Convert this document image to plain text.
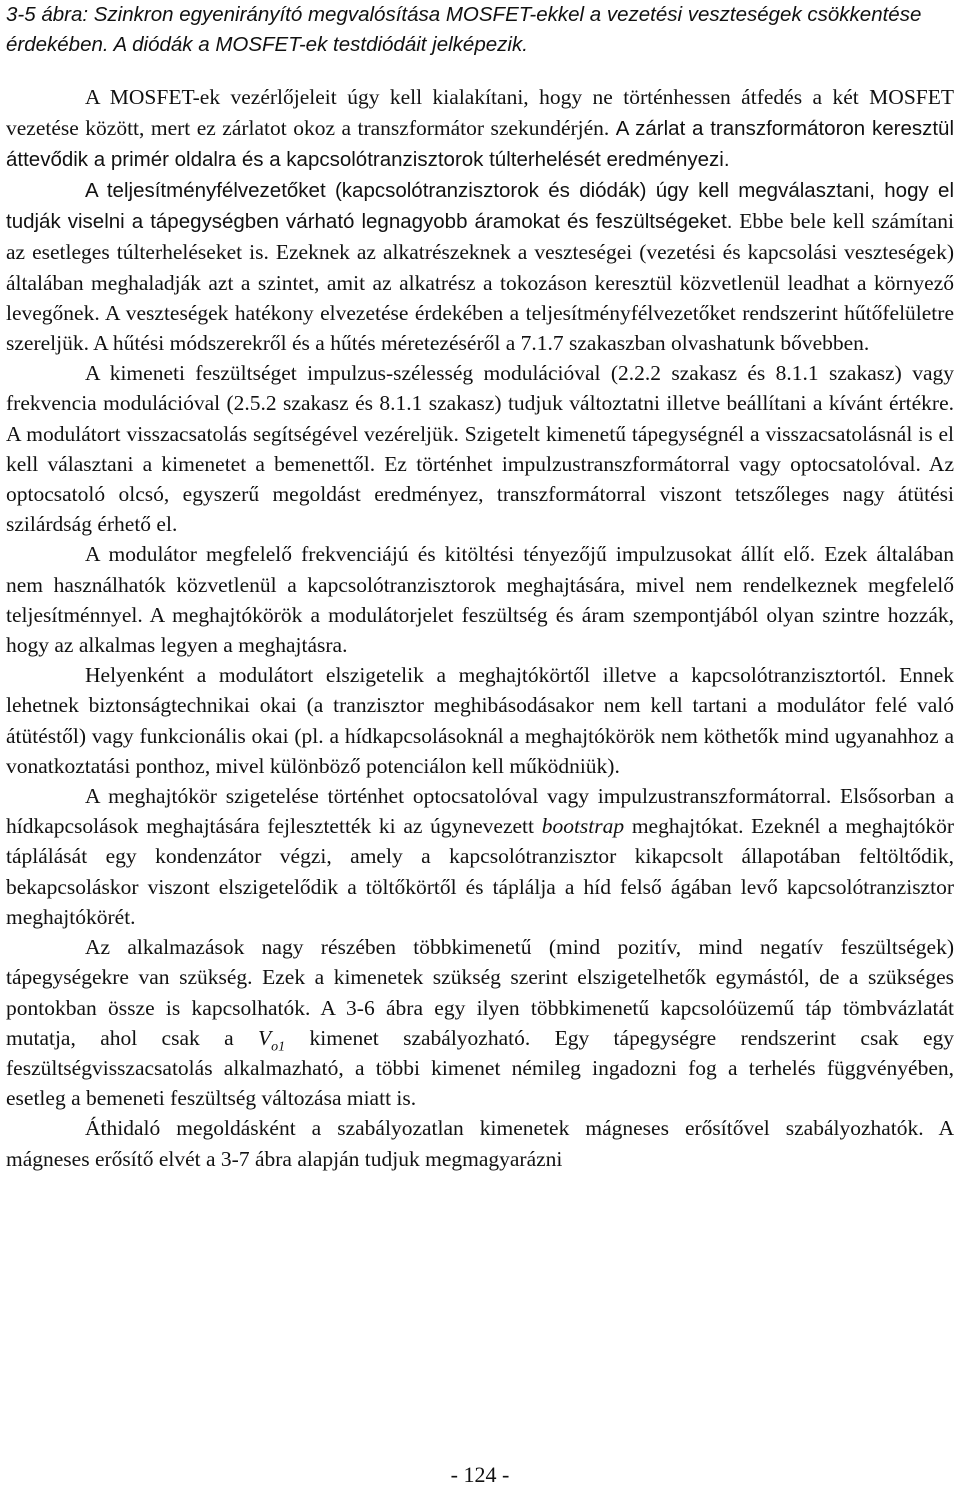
3-5 ábra: Szinkron egyenirányító megvalósítása MOSFET-ekkel a vezetési veszteségek csökkentése érdekében. A diódák a MOSFET-ek testdiódáit jelképezik.

A MOSFET-ek vezérlőjeleit úgy kell kialakítani, hogy ne történhessen átfedés a két MOSFET vezetése között, mert ez zárlatot okoz a transzformátor szekundérjén. A zárlat a transzformátoron keresztül áttevődik a primér oldalra és a kapcsolótranzisztorok túlterhelését eredményezi.

A teljesítményfélvezetőket (kapcsolótranzisztorok és diódák) úgy kell megválasztani, hogy el tudják viselni a tápegységben várható legnagyobb áramokat és feszültségeket. Ebbe bele kell számítani az esetleges túlterheléseket is. Ezeknek az alkatrészeknek a veszteségei (vezetési és kapcsolási veszteségek) általában meghaladják azt a szintet, amit az alkatrész a tokozáson keresztül közvetlenül leadhat a környező levegőnek. A veszteségek hatékony elvezetése érdekében a teljesítményfélvezetőket rendszerint hűtőfelületre szereljük. A hűtési módszerekről és a hűtés méretezéséről a 7.1.7 szakaszban olvashatunk bővebben.

A kimeneti feszültséget impulzus-szélesség modulációval (2.2.2 szakasz és 8.1.1 szakasz) vagy frekvencia modulációval (2.5.2 szakasz és 8.1.1 szakasz) tudjuk változtatni illetve beállítani a kívánt értékre. A modulátort visszacsatolás segítségével vezéreljük. Szigetelt kimenetű tápegységnél a visszacsatolásnál is el kell választani a kimenetet a bemenettől. Ez történhet impulzustranszformátorral vagy optocsatolóval. Az optocsatoló olcsó, egyszerű megoldást eredményez, transzformátorral viszont tetszőleges nagy átütési szilárdság érhető el.

A modulátor megfelelő frekvenciájú és kitöltési tényezőjű impulzusokat állít elő. Ezek általában nem használhatók közvetlenül a kapcsolótranzisztorok meghajtására, mivel nem rendelkeznek megfelelő teljesítménnyel. A meghajtókörök a modulátorjelet feszültség és áram szempontjából olyan szintre hozzák, hogy az alkalmas legyen a meghajtásra.

Helyenként a modulátort elszigetelik a meghajtókörtől illetve a kapcsolótranzisztortól. Ennek lehetnek biztonságtechnikai okai (a tranzisztor meghibásodásakor nem kell tartani a modulátor felé való átütéstől) vagy funkcionális okai (pl. a hídkapcsolásoknál a meghajtókörök nem köthetők mind ugyanahhoz a vonatkoztatási ponthoz, mivel különböző potenciálon kell működniük).

A meghajtókör szigetelése történhet optocsatolóval vagy impulzustranszformátorral. Elsősorban a hídkapcsolások meghajtására fejlesztették ki az úgynevezett bootstrap meghajtókat. Ezeknél a meghajtókör táplálását egy kondenzátor végzi, amely a kapcsolótranzisztor kikapcsolt állapotában feltöltődik, bekapcsoláskor viszont elszigetelődik a töltőkörtől és táplálja a híd felső ágában levő kapcsolótranzisztor meghajtókörét.

Az alkalmazások nagy részében többkimenetű (mind pozitív, mind negatív feszültségek) tápegységekre van szükség. Ezek a kimenetek szükség szerint elszigetelhetők egymástól, de a szükséges pontokban össze is kapcsolhatók. A 3-6 ábra egy ilyen többkimenetű kapcsolóüzemű táp tömbvázlatát mutatja, ahol csak a $V_{o1}$ kimenet szabályozható. Egy tápegységre rendszerint csak egy feszültségvisszacsatolás alkalmazható, a többi kimenet némileg ingadozni fog a terhelés függvényében, esetleg a bemeneti feszültség változása miatt is.

Áthidaló megoldásként a szabályozatlan kimenetek mágneses erősítővel szabályozhatók. A mágneses erősítő elvét a 3-7 ábra alapján tudjuk megmagyarázni

- 124 -
